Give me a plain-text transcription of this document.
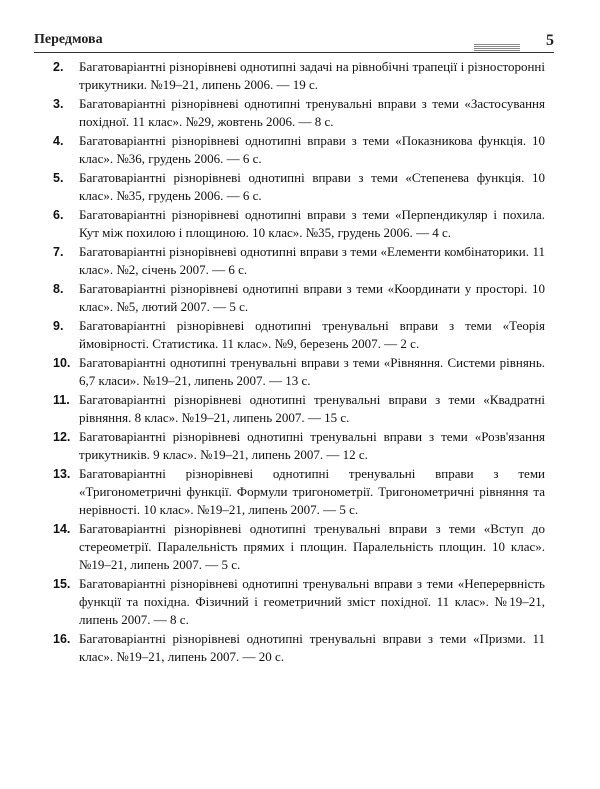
Передмова	5
2. Багатоваріантні різнорівневі однотипні задачі на рівнобічні трапеції і різносторонні трикутники. №19–21, липень 2006. — 19 с.
3. Багатоваріантні різнорівневі однотипні тренувальні вправи з теми «Застосування похідної. 11 клас». №29, жовтень 2006. — 8 с.
4. Багатоваріантні різнорівневі однотипні вправи з теми «Показникова функція. 10 клас». №36, грудень 2006. — 6 с.
5. Багатоваріантні різнорівневі однотипні вправи з теми «Степенева функція. 10 клас». №35, грудень 2006. — 6 с.
6. Багатоваріантні різнорівневі однотипні вправи з теми «Перпендикуляр і похила. Кут між похилою і площиною. 10 клас». №35, грудень 2006. — 4 с.
7. Багатоваріантні різнорівневі однотипні вправи з теми «Елементи комбінаторики. 11 клас». №2, січень 2007. — 6 с.
8. Багатоваріантні різнорівневі однотипні вправи з теми «Координати у просторі. 10 клас». №5, лютий 2007. — 5 с.
9. Багатоваріантні різнорівневі однотипні тренувальні вправи з теми «Теорія ймовірності. Статистика. 11 клас». №9, березень 2007. — 2 с.
10. Багатоваріантні однотипні тренувальні вправи з теми «Рівняння. Системи рівнянь. 6,7 класи». №19–21, липень 2007. — 13 с.
11. Багатоваріантні різнорівневі однотипні тренувальні вправи з теми «Квадратні рівняння. 8 клас». №19–21, липень 2007. — 15 с.
12. Багатоваріантні різнорівневі однотипні тренувальні вправи з теми «Розв'язання трикутників. 9 клас». №19–21, липень 2007. — 12 с.
13. Багатоваріантні різнорівневі однотипні тренувальні вправи з теми «Тригонометричні функції. Формули тригонометрії. Тригонометричні рівняння та нерівності. 10 клас». №19–21, липень 2007. — 5 с.
14. Багатоваріантні різнорівневі однотипні тренувальні вправи з теми «Вступ до стереометрії. Паралельність прямих і площин. Паралельність площин. 10 клас». №19–21, липень 2007. — 5 с.
15. Багатоваріантні різнорівневі однотипні тренувальні вправи з теми «Неперервність функції та похідна. Фізичний і геометричний зміст похідної. 11 клас». №19–21, липень 2007. — 8 с.
16. Багатоваріантні різнорівневі однотипні тренувальні вправи з теми «Призми. 11 клас». №19–21, липень 2007. — 20 с.
